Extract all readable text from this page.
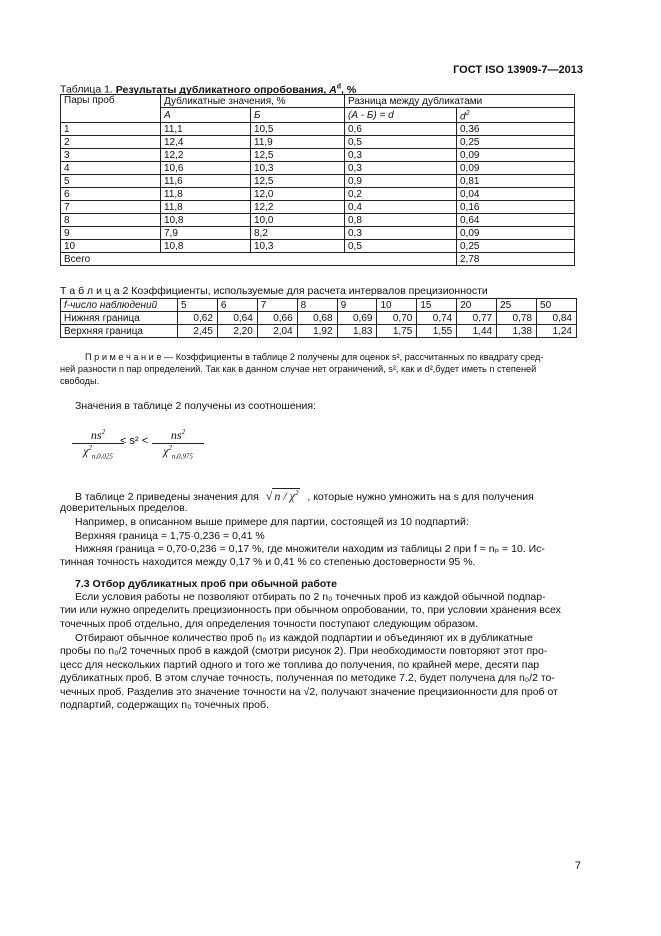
ГОСТ ISO 13909-7—2013
Таблица 1. Результаты дубликатного опробования, $A^d$, %
Пары проб	Дубликатные значения, %		Разница между дубликатами	
	А	Б	(А - Б) = d	$d^2$
1	11,1	10,5	0,6	0,36
2	12,4	11,9	0,5	0,25
3	12,2	12,5	0,3	0,09
4	10,6	10,3	0,3	0,09
5	11,6	12,5	0,9	0,81
6	11,8	12,0	0,2	0,04
7	11,8	12,2	0,4	0,16
8	10,8	10,0	0,8	0,64
9	7,9	8,2	0,3	0,09
10	10,8	10,3	0,5	0,25
Всего				2,78
Т а б л и ц а 2 Коэффициенты, используемые для расчета интервалов прецизионности
f-число наблюдений	5	6	7	8	9	10	15	20	25	50
Нижняя граница	0,62	0,64	0,66	0,68	0,69	0,70	0,74	0,77	0,78	0,84
Верхняя граница	2,45	2,20	2,04	1,92	1,83	1,75	1,55	1,44	1,38	1,24
П р и м е ч а н и е — Коэффициенты в таблице 2 получены для оценок s², рассчитанных по квадрату сред-
ней разности n пар определений. Так как в данном случае нет ограничений, s², как и d²,будет иметь n степеней
свободы.
Значения в таблице 2 получены из соотношения:
$\frac{ns^2}{\chi^2_{n,0,025}}$
< $s^2 < \frac{ns^2}{\chi^2_{n,0,975}}$
В таблице 2 приведены значения для √ n / $\chi^2$ , которые нужно умножить на s для получения
доверительных пределов.
Например, в описанном выше примере для партии, состоящей из 10 подпартий:
Верхняя граница = 1,75·0,236 = 0,41 %
Нижняя граница = 0,70·0,236 = 0,17 %, где множители находим из таблицы 2 при f = nₚ = 10. Ис-
тинная точность находится между 0,17 % и 0,41 % со степенью достоверности 95 %.
7.3 Отбор дубликатных проб при обычной работе
Если условия работы не позволяют отбирать по 2 n₀ точечных проб из каждой обычной подпар-
тии или нужно определить прецизионность при обычном опробовании, то, при условии хранения всех
точечных проб отдельно, для определения точности поступают следующим образом.
Отбирают обычное количество проб n₀ из каждой подпартии и объединяют их в дубликатные
пробы по n₀/2 точечных проб в каждой (смотри рисунок 2). При необходимости повторяют этот про-
цесс для нескольких партий одного и того же топлива до получения, по крайней мере, десяти пар
дубликатных проб. В этом случае точность, полученная по методике 7.2, будет получена для n₀/2 то-
чечных проб. Разделив это значение точности на √2, получают значение прецизионности для проб от
подпартий, содержащих n₀ точечных проб.
7
